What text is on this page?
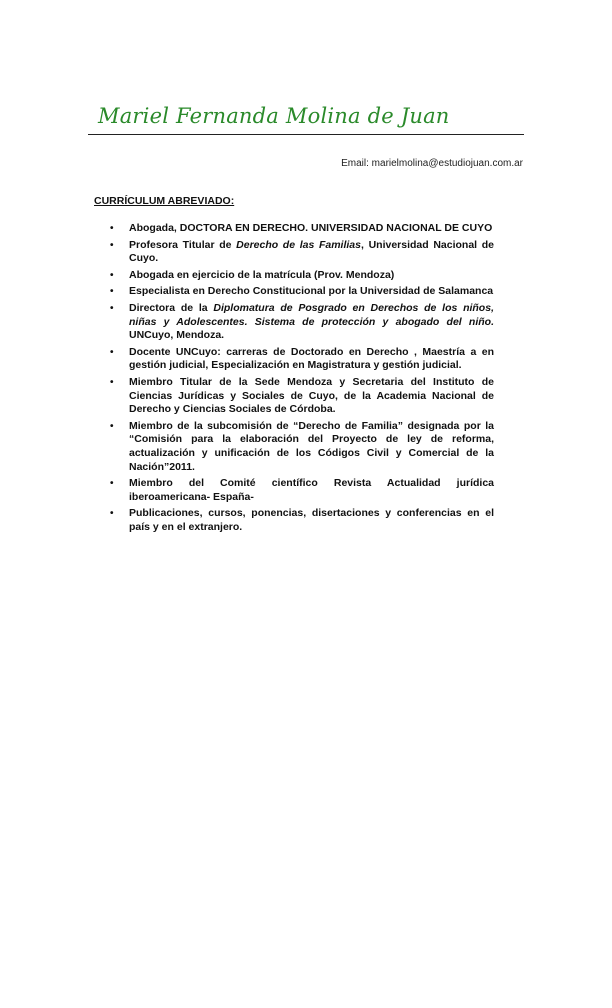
Mariel Fernanda Molina de Juan
Email: marielmolina@estudiojuan.com.ar
CURRÍCULUM ABREVIADO:
• Abogada, DOCTORA EN DERECHO. UNIVERSIDAD NACIONAL DE CUYO
• Profesora Titular de Derecho de las Familias, Universidad Nacional de Cuyo.
• Abogada en ejercicio de la matrícula (Prov. Mendoza)
• Especialista en Derecho Constitucional por la Universidad de Salamanca
• Directora de la Diplomatura de Posgrado en Derechos de los niños, niñas y Adolescentes. Sistema de protección y abogado del niño. UNCuyo, Mendoza.
• Docente UNCuyo: carreras de Doctorado en Derecho , Maestría a en gestión judicial, Especialización en Magistratura y gestión judicial.
• Miembro Titular de la Sede Mendoza y Secretaria del Instituto de Ciencias Jurídicas y Sociales de Cuyo, de la Academia Nacional de Derecho y Ciencias Sociales de Córdoba.
• Miembro de la subcomisión de “Derecho de Familia” designada por la “Comisión para la elaboración del Proyecto de ley de reforma, actualización y unificación de los Códigos Civil y Comercial de la Nación”2011.
• Miembro del Comité científico Revista Actualidad jurídica iberoamericana- España-
• Publicaciones, cursos, ponencias, disertaciones y conferencias en el país y en el extranjero.
